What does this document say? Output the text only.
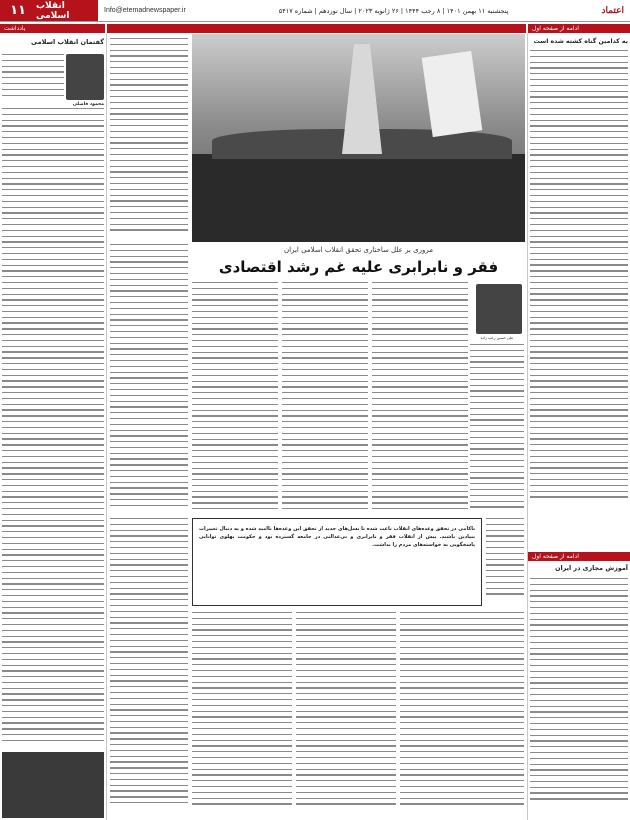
۱۱	انقلاب اسلامی	Info@etemadnewspaper.ir	پنجشنبه ۱۱ بهمن ۱۴۰۱ | ۸ رجب ۱۴۴۴ | ۲۶ ژانویه ۲۰۲۳ | سال نوزدهم | شماره ۵۴۱۷	اعتماد
یادداشت	ادامه از صفحه اول
گفتمان انقلاب اسلامی
محمود فاضلی
مروری بر علل ساختاری تحقق انقلاب اسلامی ایران
فقر و نابرابری علیه غم رشد اقتصادی
علی حسین رجب زاده
ناکامی در تحقق وعده‌های انقلاب باعث شده تا نسل‌های جدید از تحقق این وعده‌ها ناامید شده و به دنبال تغییرات بنیادین باشند. پیش از انقلاب فقر و نابرابری و بی‌عدالتی در جامعه گسترده بود و حکومت پهلوی توانایی پاسخگویی به خواسته‌های مردم را نداشت.
به کدامین گناه کشته شده است
ادامه از صفحه اول
آموزش مجازی در ایران
